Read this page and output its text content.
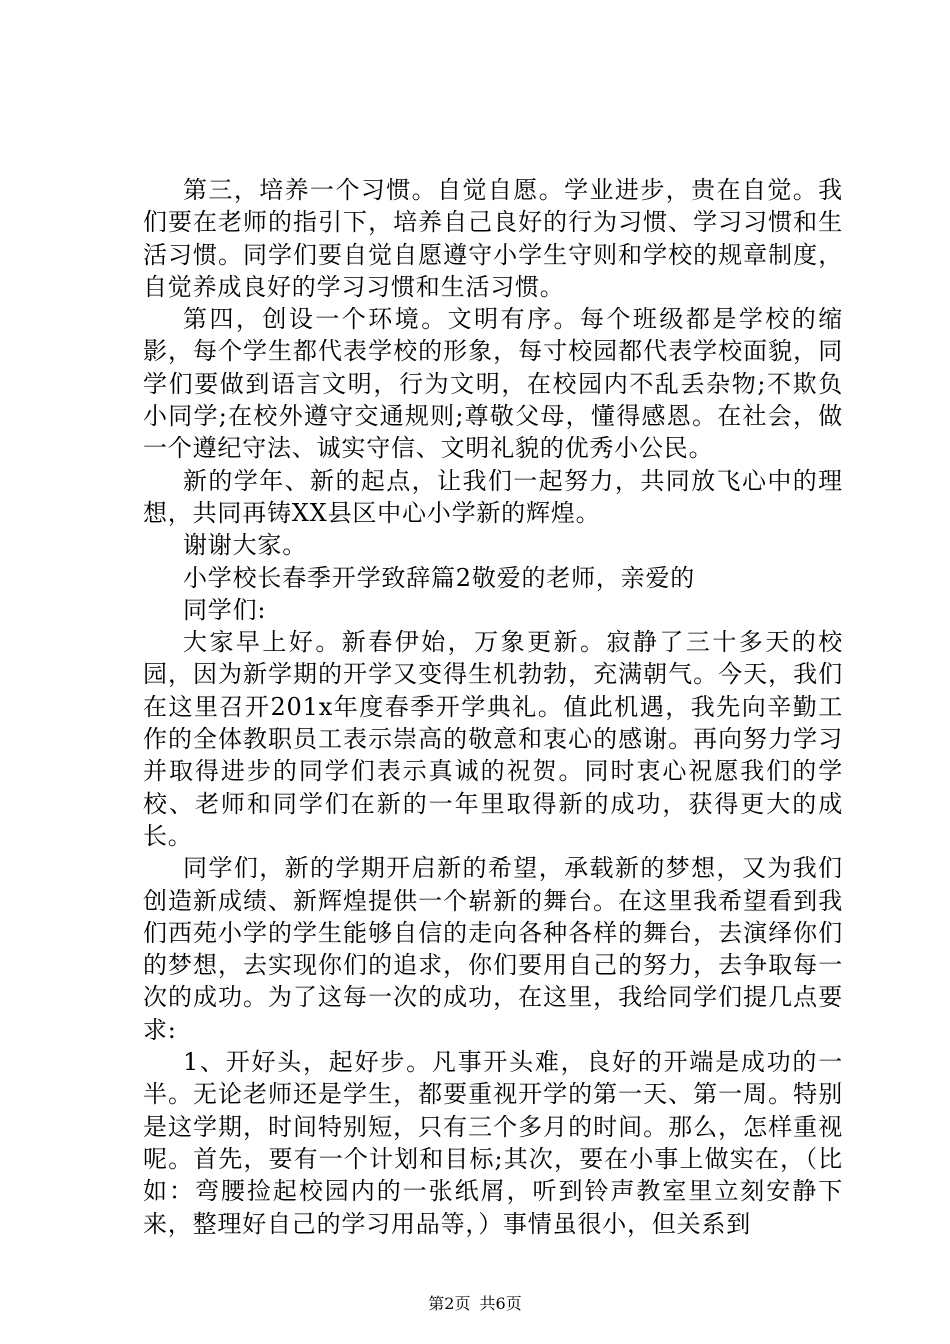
第三，培养一个习惯。自觉自愿。学业进步，贵在自觉。我们要在老师的指引下，培养自己良好的行为习惯、学习习惯和生活习惯。同学们要自觉自愿遵守小学生守则和学校的规章制度，自觉养成良好的学习习惯和生活习惯。

第四，创设一个环境。文明有序。每个班级都是学校的缩影，每个学生都代表学校的形象，每寸校园都代表学校面貌，同学们要做到语言文明，行为文明，在校园内不乱丢杂物;不欺负小同学;在校外遵守交通规则;尊敬父母，懂得感恩。在社会，做一个遵纪守法、诚实守信、文明礼貌的优秀小公民。

新的学年、新的起点，让我们一起努力，共同放飞心中的理想，共同再铸XX县区中心小学新的辉煌。

谢谢大家。

小学校长春季开学致辞篇2敬爱的老师，亲爱的

同学们:

大家早上好。新春伊始，万象更新。寂静了三十多天的校园，因为新学期的开学又变得生机勃勃，充满朝气。今天，我们在这里召开201x年度春季开学典礼。值此机遇，我先向辛勤工作的全体教职员工表示崇高的敬意和衷心的感谢。再向努力学习并取得进步的同学们表示真诚的祝贺。同时衷心祝愿我们的学校、老师和同学们在新的一年里取得新的成功，获得更大的成长。

同学们，新的学期开启新的希望，承载新的梦想，又为我们创造新成绩、新辉煌提供一个崭新的舞台。在这里我希望看到我们西苑小学的学生能够自信的走向各种各样的舞台，去演绎你们的梦想，去实现你们的追求，你们要用自己的努力，去争取每一次的成功。为了这每一次的成功，在这里，我给同学们提几点要求:

1、开好头，起好步。凡事开头难，良好的开端是成功的一半。无论老师还是学生，都要重视开学的第一天、第一周。特别是这学期，时间特别短，只有三个多月的时间。那么，怎样重视呢。首先，要有一个计划和目标;其次，要在小事上做实在，（比如：弯腰捡起校园内的一张纸屑，听到铃声教室里立刻安静下来，整理好自己的学习用品等，）事情虽很小，但关系到

第2页 共6页
